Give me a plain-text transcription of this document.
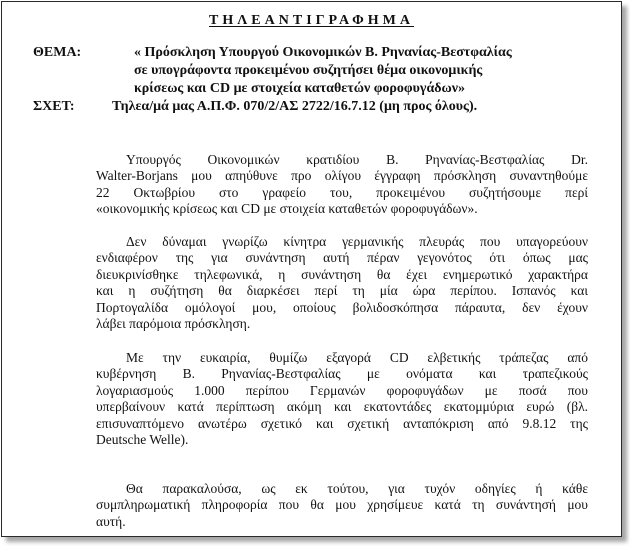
ΤΗΛΕΑΝΤΙΓΡΑΦΗΜΑ
ΘΕΜΑ:	« Πρόσκληση Υπουργού Οικονομικών Β. Ρηνανίας-Βεστφαλίας
σε υπογράφοντα προκειμένου συζητήσει θέμα οικονομικής
κρίσεως και CD με στοιχεία καταθετών φοροφυγάδων»
ΣΧΕΤ:	Τηλεα/μά μας Α.Π.Φ. 070/2/ΑΣ 2722/16.7.12 (μη προς όλους).
Υπουργός Οικονομικών κρατιδίου Β. Ρηνανίας-Βεστφαλίας Dr.
Walter-Borjans μου απηύθυνε προ ολίγου έγγραφη πρόσκληση συναντηθούμε
22 Οκτωβρίου στο γραφείο του, προκειμένου συζητήσουμε περί
«οικονομικής κρίσεως και CD με στοιχεία καταθετών φοροφυγάδων».
Δεν δύναμαι γνωρίζω κίνητρα γερμανικής πλευράς που υπαγορεύουν
ενδιαφέρον της για συνάντηση αυτή πέραν γεγονότος ότι όπως μας
διευκρινίσθηκε τηλεφωνικά, η συνάντηση θα έχει ενημερωτικό χαρακτήρα
και η συζήτηση θα διαρκέσει περί τη μία ώρα περίπου. Ισπανός και
Πορτογαλίδα ομόλογοί μου, οποίους βολιδοσκόπησα πάραυτα, δεν έχουν
λάβει παρόμοια πρόσκληση.
Με την ευκαιρία, θυμίζω εξαγορά CD ελβετικής τράπεζας από
κυβέρνηση Β. Ρηνανίας-Βεστφαλίας με ονόματα και τραπεζικούς
λογαριασμούς 1.000 περίπου Γερμανών φοροφυγάδων με ποσά που
υπερβαίνουν κατά περίπτωση ακόμη και εκατοντάδες εκατομμύρια ευρώ (βλ.
επισυναπτόμενο ανωτέρω σχετικό και σχετική ανταπόκριση από 9.8.12 της
Deutsche Welle).
Θα παρακαλούσα, ως εκ τούτου, για τυχόν οδηγίες ή κάθε
συμπληρωματική πληροφορία που θα μου χρησίμευε κατά τη συνάντησή μου
αυτή.
